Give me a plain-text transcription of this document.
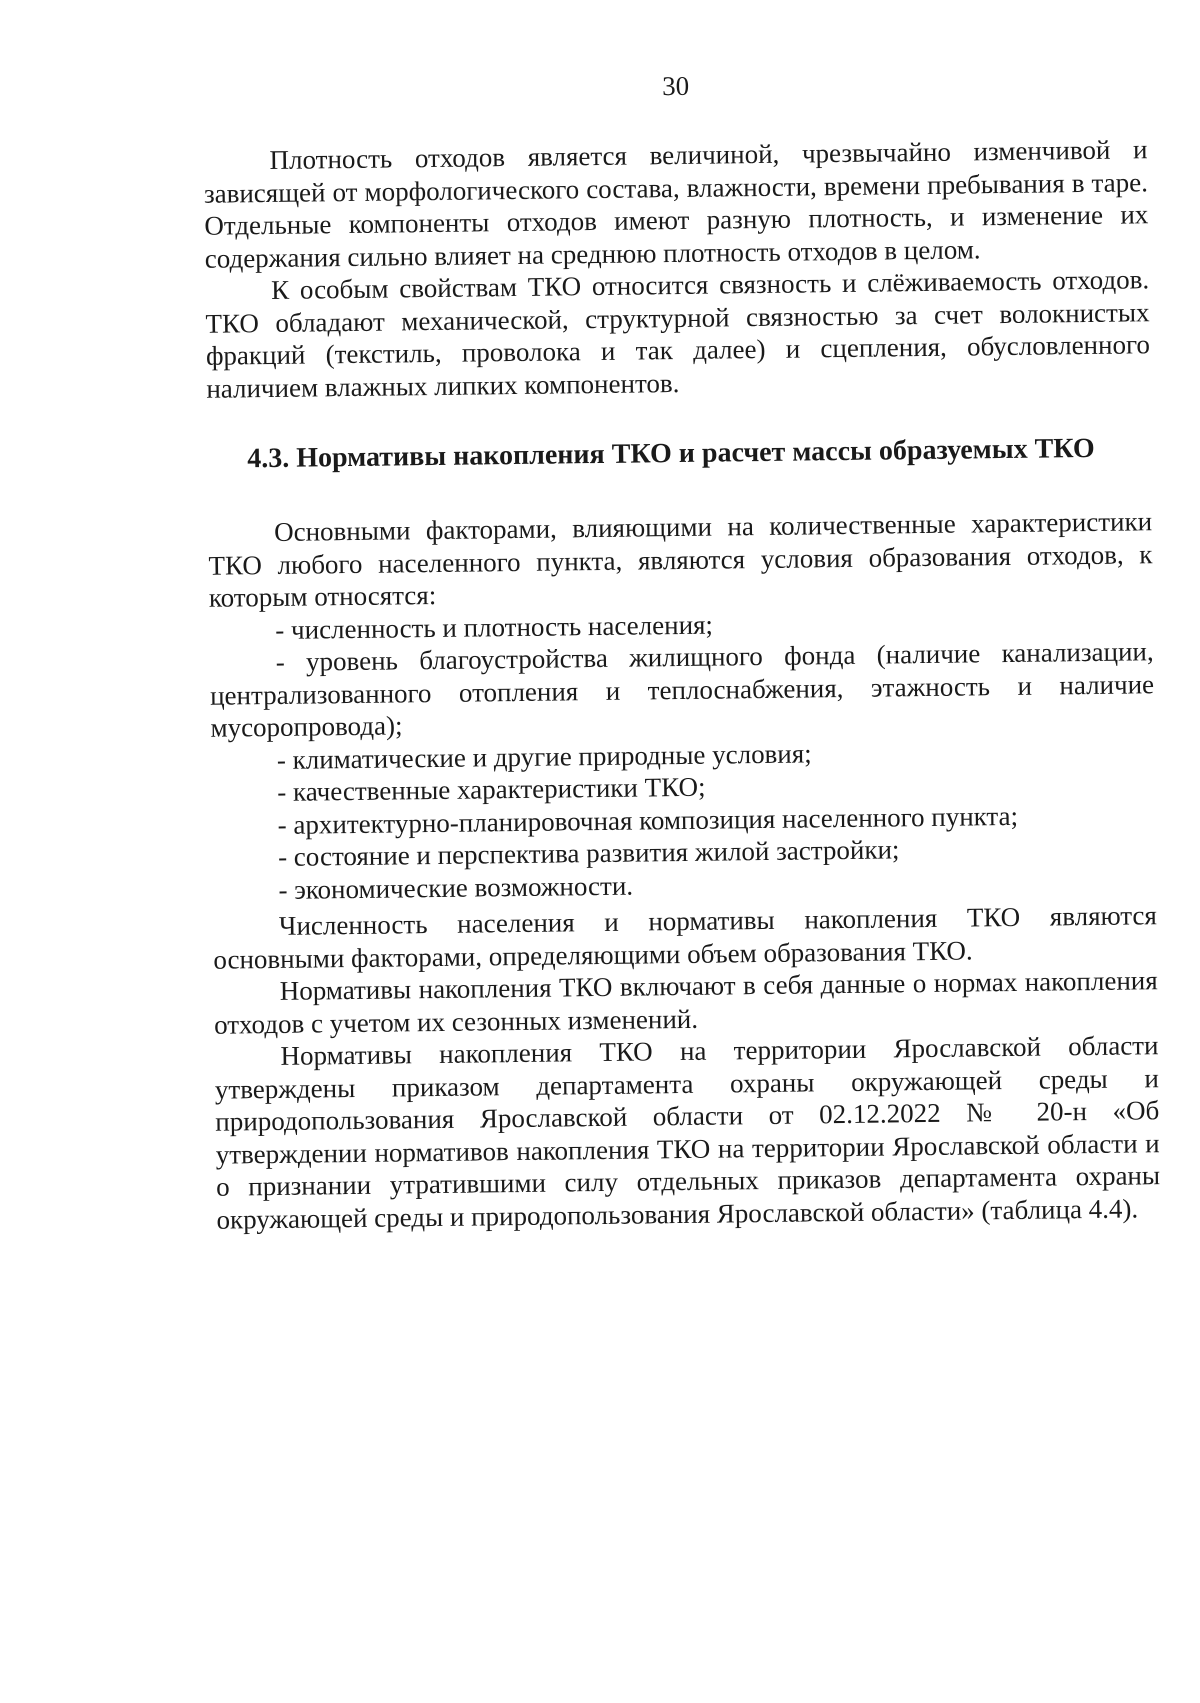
30

Плотность отходов является величиной, чрезвычайно изменчивой и зависящей от морфологического состава, влажности, времени пребывания в таре. Отдельные компоненты отходов имеют разную плотность, и изменение их содержания сильно влияет на среднюю плотность отходов в целом.

К особым свойствам ТКО относится связность и слёживаемость отходов. ТКО обладают механической, структурной связностью за счет волокнистых фракций (текстиль, проволока и так далее) и сцепления, обусловленного наличием влажных липких компонентов.

4.3. Нормативы накопления ТКО и расчет массы образуемых ТКО

Основными факторами, влияющими на количественные характеристики ТКО любого населенного пункта, являются условия образования отходов, к которым относятся:

- численность и плотность населения;

- уровень благоустройства жилищного фонда (наличие канализации, централизованного отопления и теплоснабжения, этажность и наличие мусоропровода);

- климатические и другие природные условия;

- качественные характеристики ТКО;

- архитектурно-планировочная композиция населенного пункта;

- состояние и перспектива развития жилой застройки;

- экономические возможности.

Численность населения и нормативы накопления ТКО являются основными факторами, определяющими объем образования ТКО.

Нормативы накопления ТКО включают в себя данные о нормах накопления отходов с учетом их сезонных изменений.

Нормативы накопления ТКО на территории Ярославской области утверждены приказом департамента охраны окружающей среды и природопользования Ярославской области от 02.12.2022 № 20-н «Об утверждении нормативов накопления ТКО на территории Ярославской области и о признании утратившими силу отдельных приказов департамента охраны окружающей среды и природопользования Ярославской области» (таблица 4.4).
